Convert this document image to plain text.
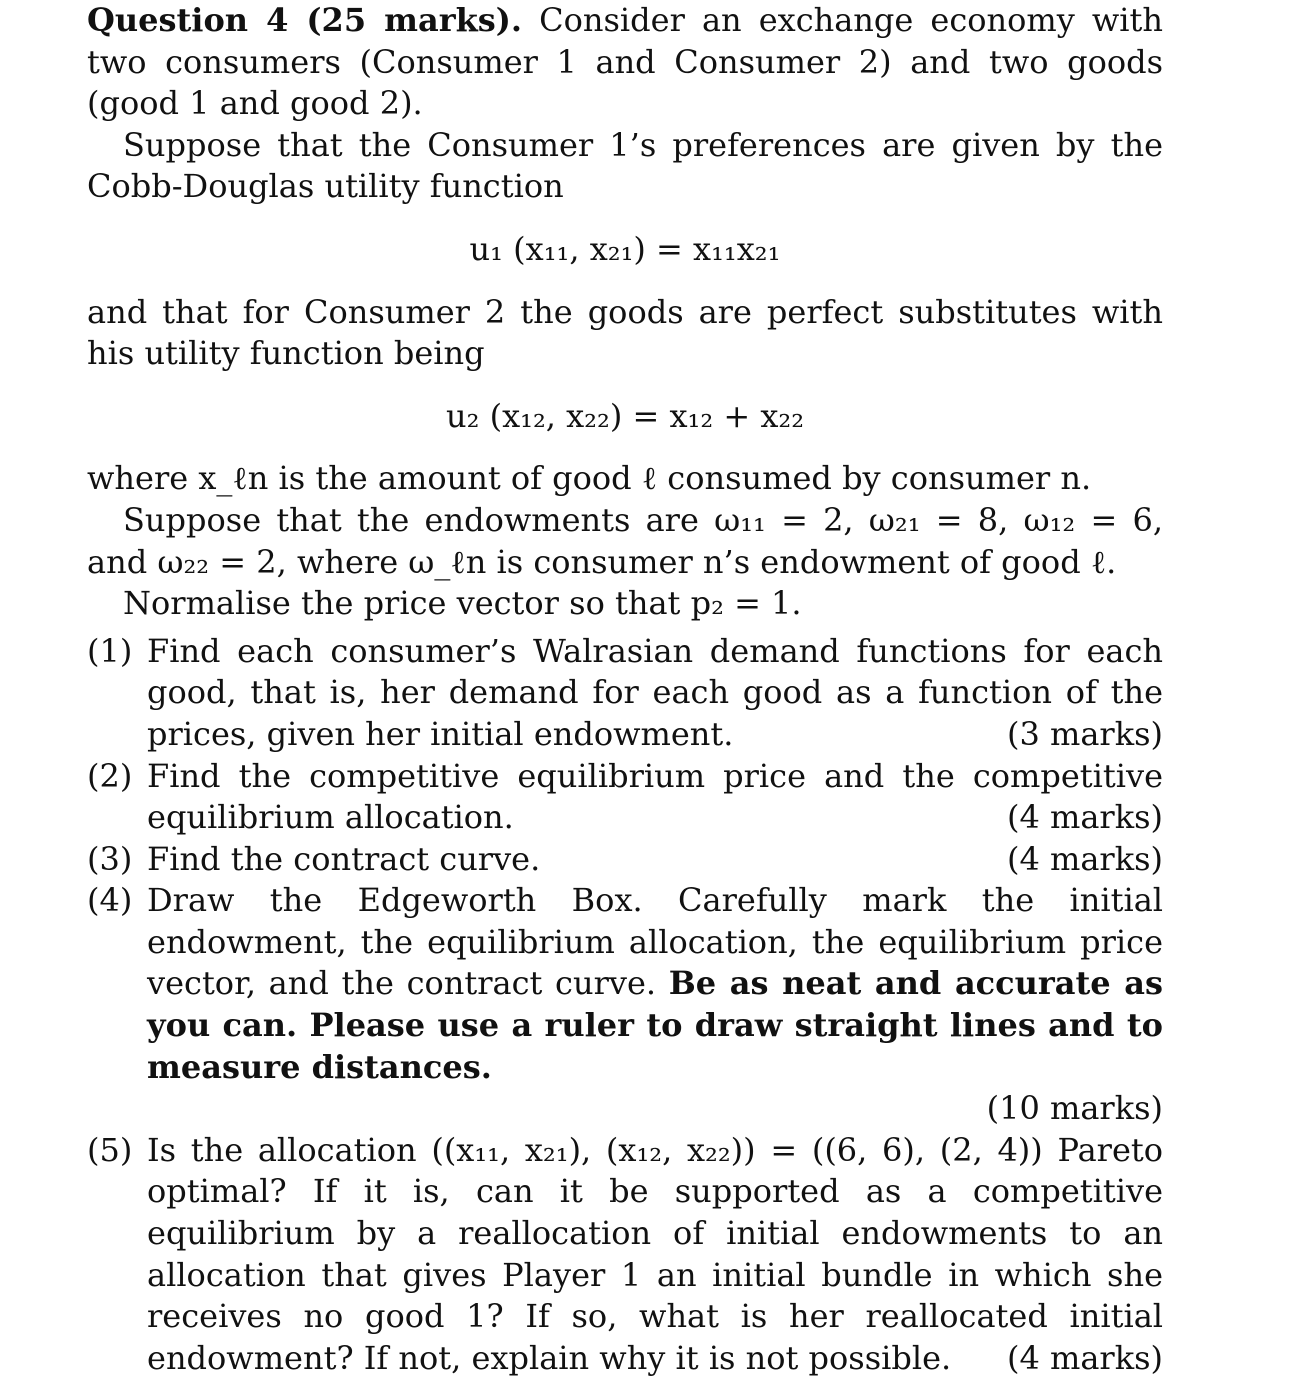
Question 4 (25 marks). Consider an exchange economy with two consumers (Consumer 1 and Consumer 2) and two goods (good 1 and good 2).

Suppose that the Consumer 1’s preferences are given by the Cobb-Douglas utility function

u₁ (x₁₁, x₂₁) = x₁₁x₂₁

and that for Consumer 2 the goods are perfect substitutes with his utility function being

u₂ (x₁₂, x₂₂) = x₁₂ + x₂₂

where x_ℓn is the amount of good ℓ consumed by consumer n.

Suppose that the endowments are ω₁₁ = 2, ω₂₁ = 8, ω₁₂ = 6, and ω₂₂ = 2, where ω_ℓn is consumer n’s endowment of good ℓ.

Normalise the price vector so that p₂ = 1.

(1) Find each consumer’s Walrasian demand functions for each good, that is, her demand for each good as a function of the prices, given her initial endowment.	(3 marks)
(2) Find the competitive equilibrium price and the competitive equilibrium allocation.	(4 marks)
(3) Find the contract curve.	(4 marks)
(4) Draw the Edgeworth Box. Carefully mark the initial endowment, the equilibrium allocation, the equilibrium price vector, and the contract curve. Be as neat and accurate as you can. Please use a ruler to draw straight lines and to measure distances.
(10 marks)
(5) Is the allocation ((x₁₁, x₂₁), (x₁₂, x₂₂)) = ((6, 6), (2, 4)) Pareto optimal? If it is, can it be supported as a competitive equilibrium by a reallocation of initial endowments to an allocation that gives Player 1 an initial bundle in which she receives no good 1? If so, what is her reallocated initial endowment? If not, explain why it is not possible. (4 marks)
